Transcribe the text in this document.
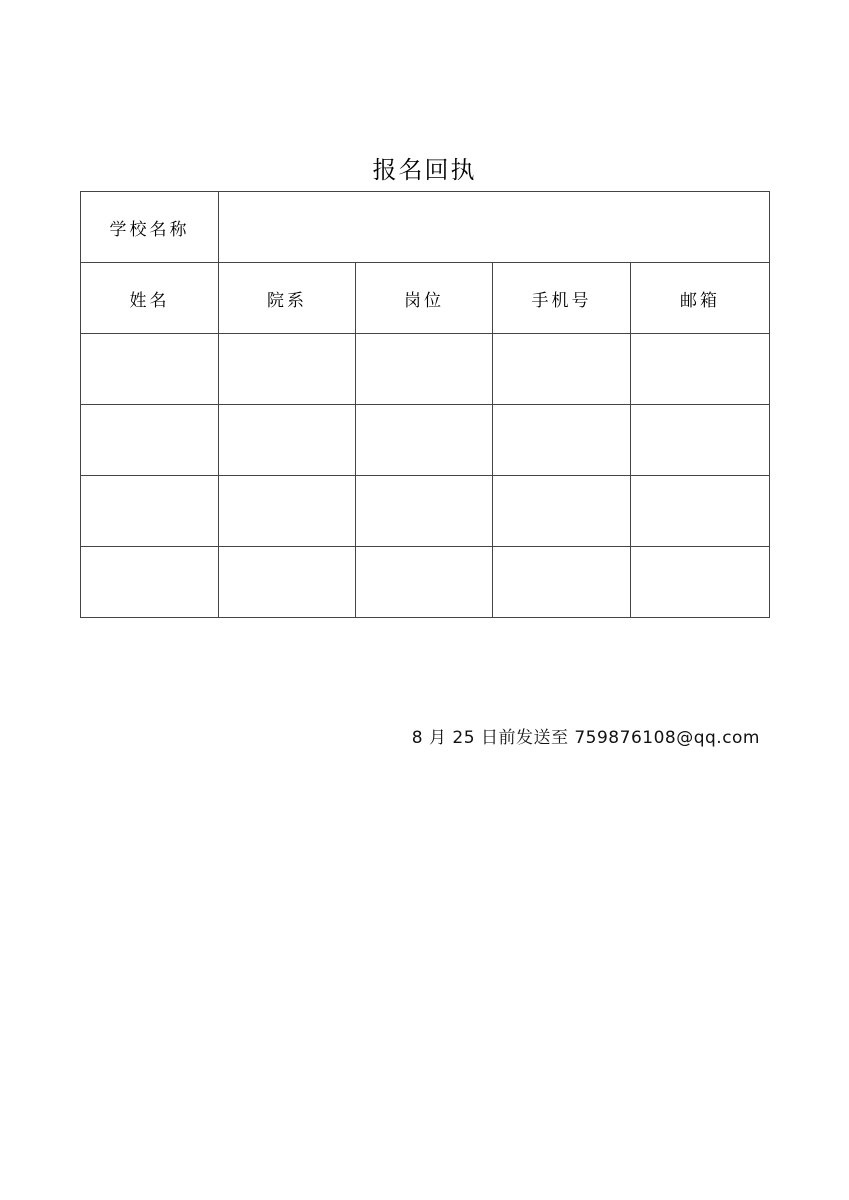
报名回执
学校名称				
姓名	院系	岗位	手机号	邮箱

8 月 25 日前发送至 759876108@qq.com
